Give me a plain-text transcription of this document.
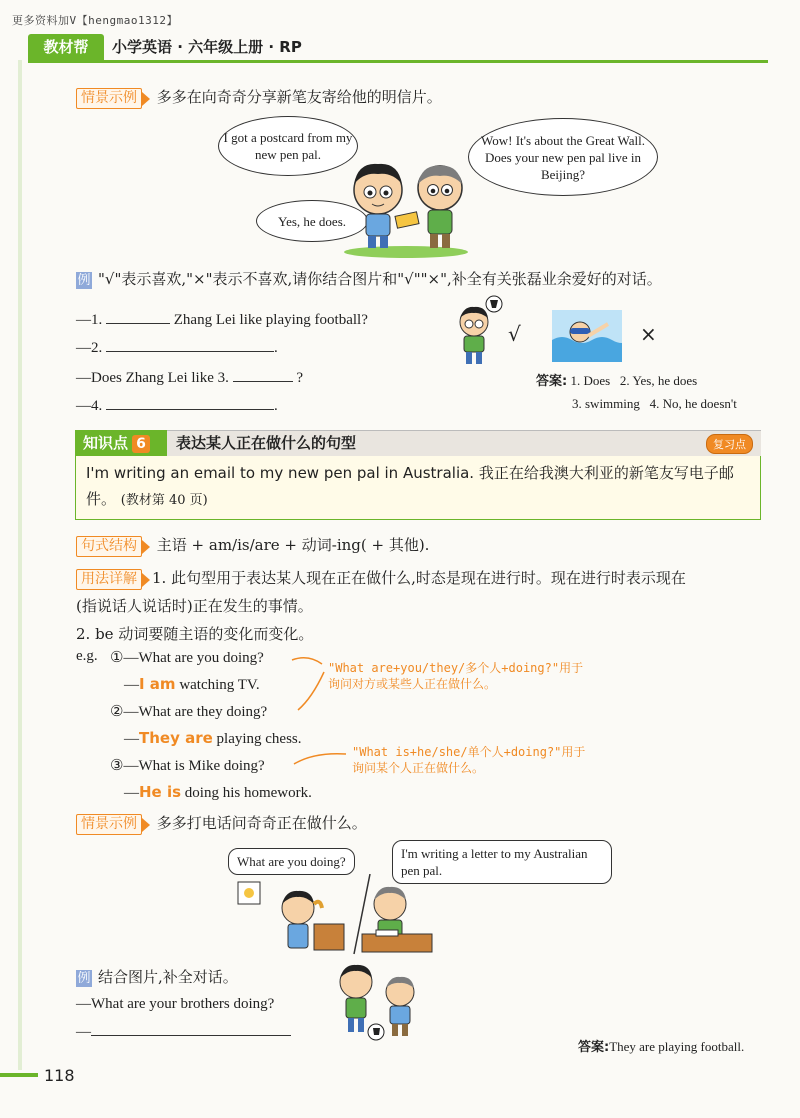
更多资料加V【hengmao1312】
教材帮	小学英语 · 六年级上册 · RP
情景示例 多多在向奇奇分享新笔友寄给他的明信片。
I got a postcard from my new pen pal.
Wow! It's about the Great Wall. Does your new pen pal live in Beijing?
Yes, he does.
例 "√"表示喜欢,"×"表示不喜欢,请你结合图片和"√""×",补全有关张磊业余爱好的对话。
—1.	Zhang Lei like playing football?
—2.	.
—Does Zhang Lei like 3.	?
—4.	.
√	×
答案: 1. Does   2. Yes, he does
3. swimming   4. No, he doesn't
知识点 6	表达某人正在做什么的句型	复习点
I'm writing an email to my new pen pal in Australia. 我正在给我澳大利亚的新笔友写电子邮件。 (教材第 40 页)
句式结构 主语 + am/is/are + 动词-ing( + 其他).
用法详解 1. 此句型用于表达某人现在正在做什么,时态是现在进行时。现在进行时表示现在
(指说话人说话时)正在发生的事情。
2. be 动词要随主语的变化而变化。
e.g. ①—What are you doing?
—I am watching TV.
②—What are they doing?
—They are playing chess.
③—What is Mike doing?
—He is doing his homework.
"What are+you/they/多个人+doing?"用于
询问对方或某些人正在做什么。
"What is+he/she/单个人+doing?"用于
询问某个人正在做什么。
情景示例 多多打电话问奇奇正在做什么。
What are you doing?
I'm writing a letter to my Australian pen pal.
例 结合图片,补全对话。
—What are your brothers doing?
—
答案:They are playing football.
118
